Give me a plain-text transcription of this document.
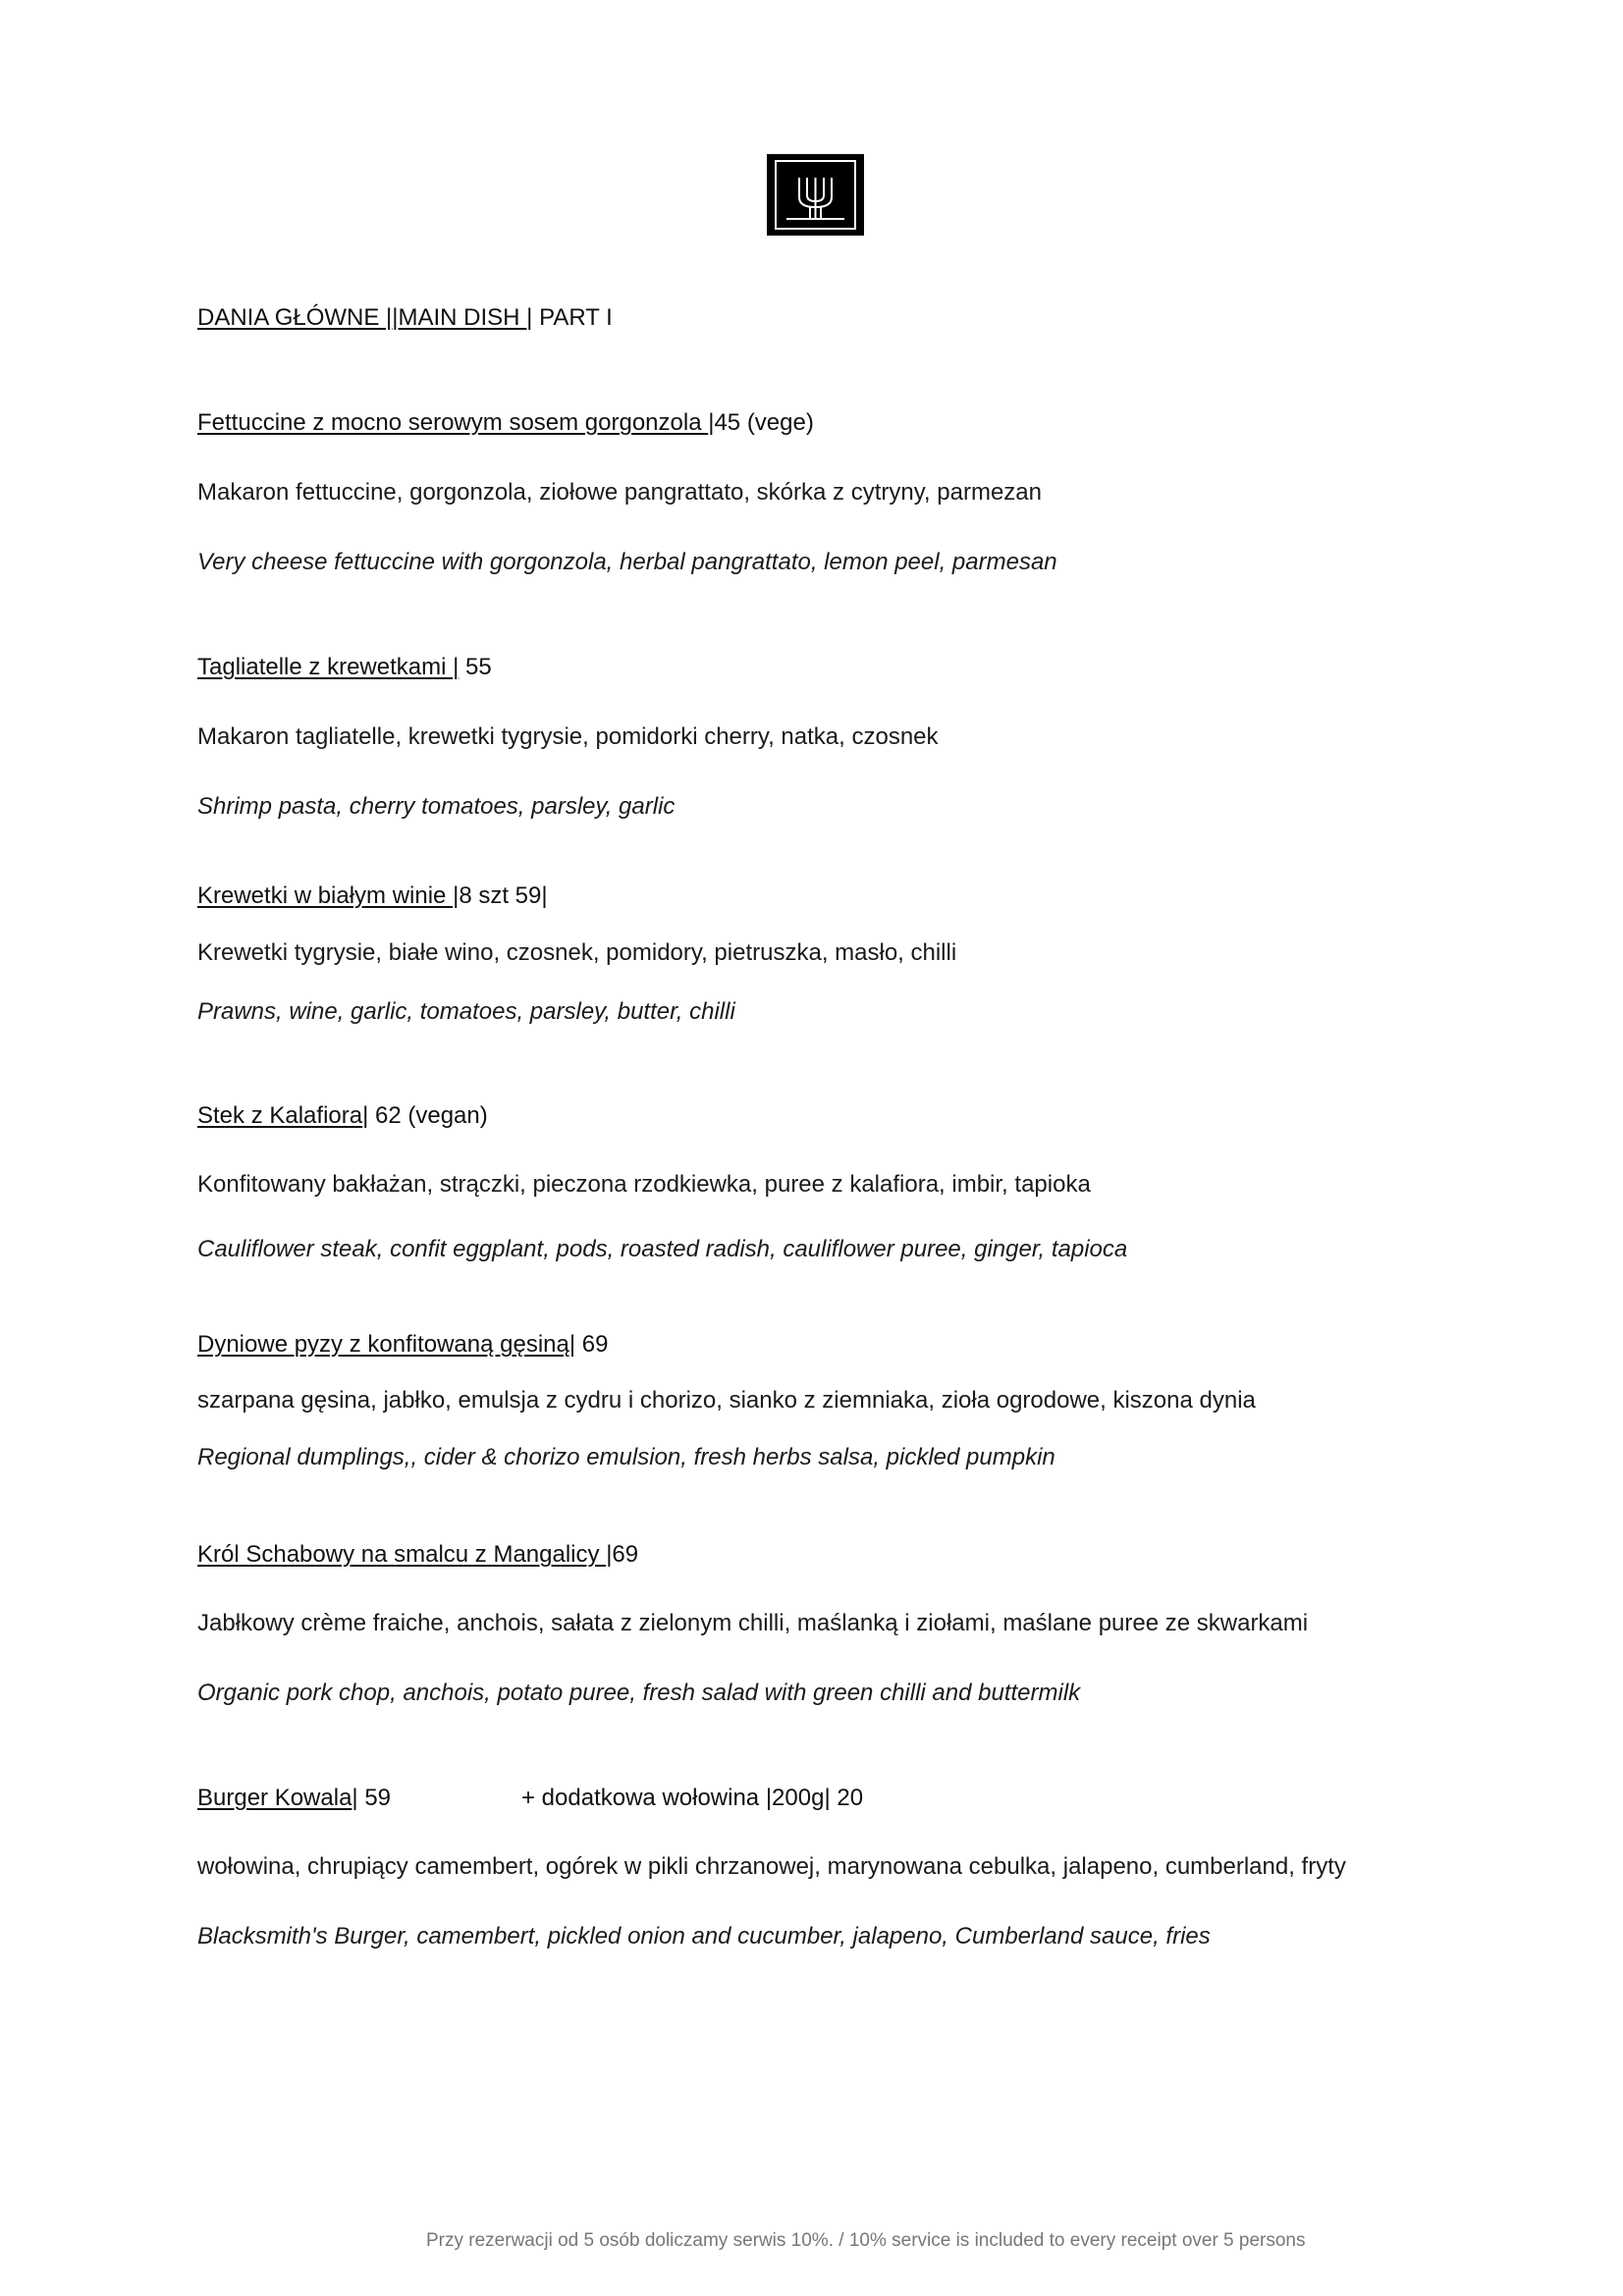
DANIA GŁÓWNE ||MAIN DISH | PART I
Fettuccine z mocno serowym sosem gorgonzola |45 (vege)
Makaron fettuccine, gorgonzola, ziołowe pangrattato, skórka z cytryny, parmezan
Very cheese fettuccine with gorgonzola, herbal pangrattato, lemon peel, parmesan
Tagliatelle z krewetkami | 55
Makaron tagliatelle, krewetki tygrysie, pomidorki cherry, natka, czosnek
Shrimp pasta, cherry tomatoes, parsley, garlic
Krewetki w białym winie |8 szt 59|
Krewetki tygrysie, białe wino, czosnek, pomidory, pietruszka, masło, chilli
Prawns, wine, garlic, tomatoes, parsley, butter, chilli
Stek z Kalafiora| 62 (vegan)
Konfitowany bakłażan, strączki, pieczona rzodkiewka, puree z kalafiora, imbir, tapioka
Cauliflower steak, confit eggplant, pods, roasted radish, cauliflower puree, ginger, tapioca
Dyniowe pyzy z konfitowaną gęsiną| 69
szarpana gęsina, jabłko, emulsja z cydru i chorizo, sianko z ziemniaka, zioła ogrodowe, kiszona dynia
Regional dumplings,, cider & chorizo emulsion, fresh herbs salsa, pickled pumpkin
Król Schabowy na smalcu z Mangalicy |69
Jabłkowy crème fraiche, anchois, sałata z zielonym chilli, maślanką i ziołami, maślane puree ze skwarkami
Organic pork chop, anchois, potato puree, fresh salad with green chilli and buttermilk
Burger Kowala| 59	+ dodatkowa wołowina |200g| 20
wołowina, chrupiący camembert, ogórek w pikli chrzanowej, marynowana cebulka, jalapeno, cumberland, fryty
Blacksmith's Burger, camembert, pickled onion and cucumber, jalapeno, Cumberland sauce, fries
Przy rezerwacji od 5 osób doliczamy serwis 10%. / 10% service is included to every receipt over 5 persons
